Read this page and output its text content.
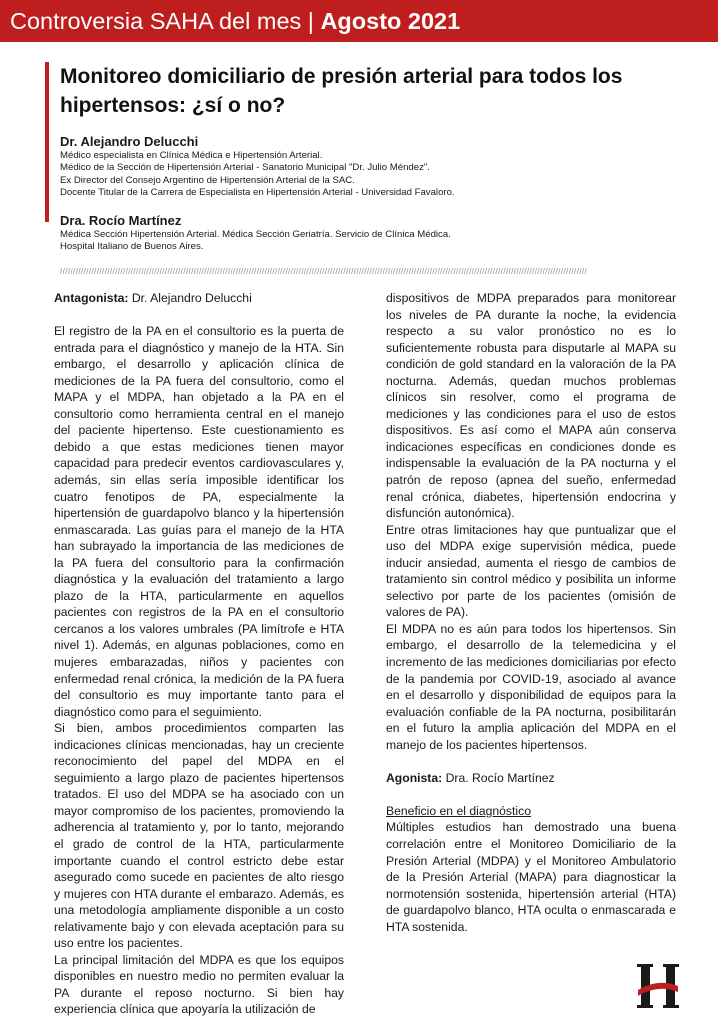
Controversia SAHA del mes | Agosto 2021
Monitoreo domiciliario de presión arterial para todos los hipertensos: ¿sí o no?
Dr. Alejandro Delucchi
Médico especialista en Clínica Médica e Hipertensión Arterial.
Médico de la Sección de Hipertensión Arterial - Sanatorio Municipal "Dr. Julio Méndez".
Ex Director del Consejo Argentino de Hipertensión Arterial de la SAC.
Docente Titular de la Carrera de Especialista en Hipertensión Arterial - Universidad Favaloro.
Dra. Rocío Martínez
Médica Sección Hipertensión Arterial. Médica Sección Geriatría. Servicio de Clínica Médica.
Hospital Italiano de Buenos Aires.
/////////////////////////////////////////////////////////////////////////////////////////////////////////////////////////////////////////////////////////////////////////////////////////////////////////

Antagonista: Dr. Alejandro Delucchi

El registro de la PA en el consultorio es la puerta de entrada para el diagnóstico y manejo de la HTA. Sin embargo, el desarrollo y aplicación clínica de mediciones de la PA fuera del consultorio, como el MAPA y el MDPA, han objetado a la PA en el consultorio como herramienta central en el manejo del paciente hipertenso. Este cuestionamiento es debido a que estas mediciones tienen mayor capacidad para predecir eventos cardiovasculares y, además, sin ellas sería imposible identificar los cuatro fenotipos de PA, especialmente la hipertensión de guardapolvo blanco y la hipertensión enmascarada. Las guías para el manejo de la HTA han subrayado la importancia de las mediciones de la PA fuera del consultorio para la confirmación diagnóstica y la evaluación del tratamiento a largo plazo de la HTA, particularmente en aquellos pacientes con registros de la PA en el consultorio cercanos a los valores umbrales (PA limítrofe e HTA nivel 1). Además, en algunas poblaciones, como en mujeres embarazadas, niños y pacientes con enfermedad renal crónica, la medición de la PA fuera del consultorio es muy importante tanto para el diagnóstico como para el seguimiento.

Si bien, ambos procedimientos comparten las indicaciones clínicas mencionadas, hay un creciente reconocimiento del papel del MDPA en el seguimiento a largo plazo de pacientes hipertensos tratados. El uso del MDPA se ha asociado con un mayor compromiso de los pacientes, promoviendo la adherencia al tratamiento y, por lo tanto, mejorando el grado de control de la HTA, particularmente importante cuando el control estricto debe estar asegurado como sucede en pacientes de alto riesgo y mujeres con HTA durante el embarazo. Además, es una metodología ampliamente disponible a un costo relativamente bajo y con elevada aceptación para su uso entre los pacientes.

La principal limitación del MDPA es que los equipos disponibles en nuestro medio no permiten evaluar la PA durante el reposo nocturno. Si bien hay experiencia clínica que apoyaría la utilización de

dispositivos de MDPA preparados para monitorear los niveles de PA durante la noche, la evidencia respecto a su valor pronóstico no es lo suficientemente robusta para disputarle al MAPA su condición de gold standard en la valoración de la PA nocturna. Además, quedan muchos problemas clínicos sin resolver, como el programa de mediciones y las condiciones para el uso de estos dispositivos. Es así como el MAPA aún conserva indicaciones específicas en condiciones donde es indispensable la evaluación de la PA nocturna y el patrón de reposo (apnea del sueño, enfermedad renal crónica, diabetes, hipertensión endocrina y disfunción autonómica).

Entre otras limitaciones hay que puntualizar que el uso del MDPA exige supervisión médica, puede inducir ansiedad, aumenta el riesgo de cambios de tratamiento sin control médico y posibilita un informe selectivo por parte de los pacientes (omisión de valores de PA).

El MDPA no es aún para todos los hipertensos. Sin embargo, el desarrollo de la telemedicina y el incremento de las mediciones domiciliarias por efecto de la pandemia por COVID-19, asociado al avance en el desarrollo y disponibilidad de equipos para la evaluación confiable de la PA nocturna, posibilitarán en el futuro la amplia aplicación del MDPA en el manejo de los pacientes hipertensos.

Agonista: Dra. Rocío Martínez

Beneficio en el diagnóstico

Múltiples estudios han demostrado una buena correlación entre el Monitoreo Domiciliario de la Presión Arterial (MDPA) y el Monitoreo Ambulatorio de la Presión Arterial (MAPA) para diagnosticar la normotensión sostenida, hipertensión arterial (HTA) de guardapolvo blanco, HTA oculta o enmascarada e HTA sostenida.
